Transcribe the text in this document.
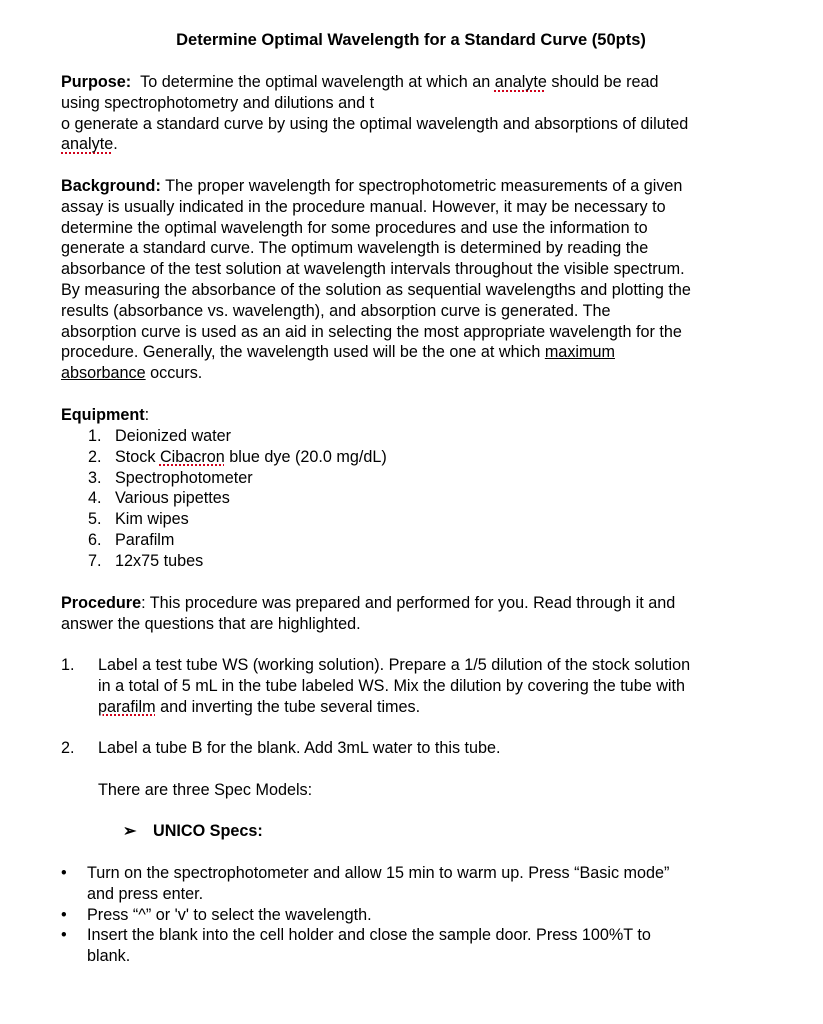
Determine Optimal Wavelength for a Standard Curve (50pts)
Purpose: To determine the optimal wavelength at which an analyte should be read
using spectrophotometry and dilutions and t
o generate a standard curve by using the optimal wavelength and absorptions of diluted
analyte.
Background: The proper wavelength for spectrophotometric measurements of a given
assay is usually indicated in the procedure manual. However, it may be necessary to
determine the optimal wavelength for some procedures and use the information to
generate a standard curve. The optimum wavelength is determined by reading the
absorbance of the test solution at wavelength intervals throughout the visible spectrum.
By measuring the absorbance of the solution as sequential wavelengths and plotting the
results (absorbance vs. wavelength), and absorption curve is generated. The
absorption curve is used as an aid in selecting the most appropriate wavelength for the
procedure. Generally, the wavelength used will be the one at which maximum
absorbance occurs.
Equipment:
1. Deionized water
2. Stock Cibacron blue dye (20.0 mg/dL)
3. Spectrophotometer
4. Various pipettes
5. Kim wipes
6. Parafilm
7. 12x75 tubes
Procedure: This procedure was prepared and performed for you. Read through it and
answer the questions that are highlighted.
1.	Label a test tube WS (working solution). Prepare a 1/5 dilution of the stock solution
in a total of 5 mL in the tube labeled WS. Mix the dilution by covering the tube with
parafilm and inverting the tube several times.
2.	Label a tube B for the blank. Add 3mL water to this tube.
There are three Spec Models:
➢ UNICO Specs:
•	Turn on the spectrophotometer and allow 15 min to warm up. Press “Basic mode”
and press enter.
•	Press “^” or 'v' to select the wavelength.
•	Insert the blank into the cell holder and close the sample door. Press 100%T to
blank.
